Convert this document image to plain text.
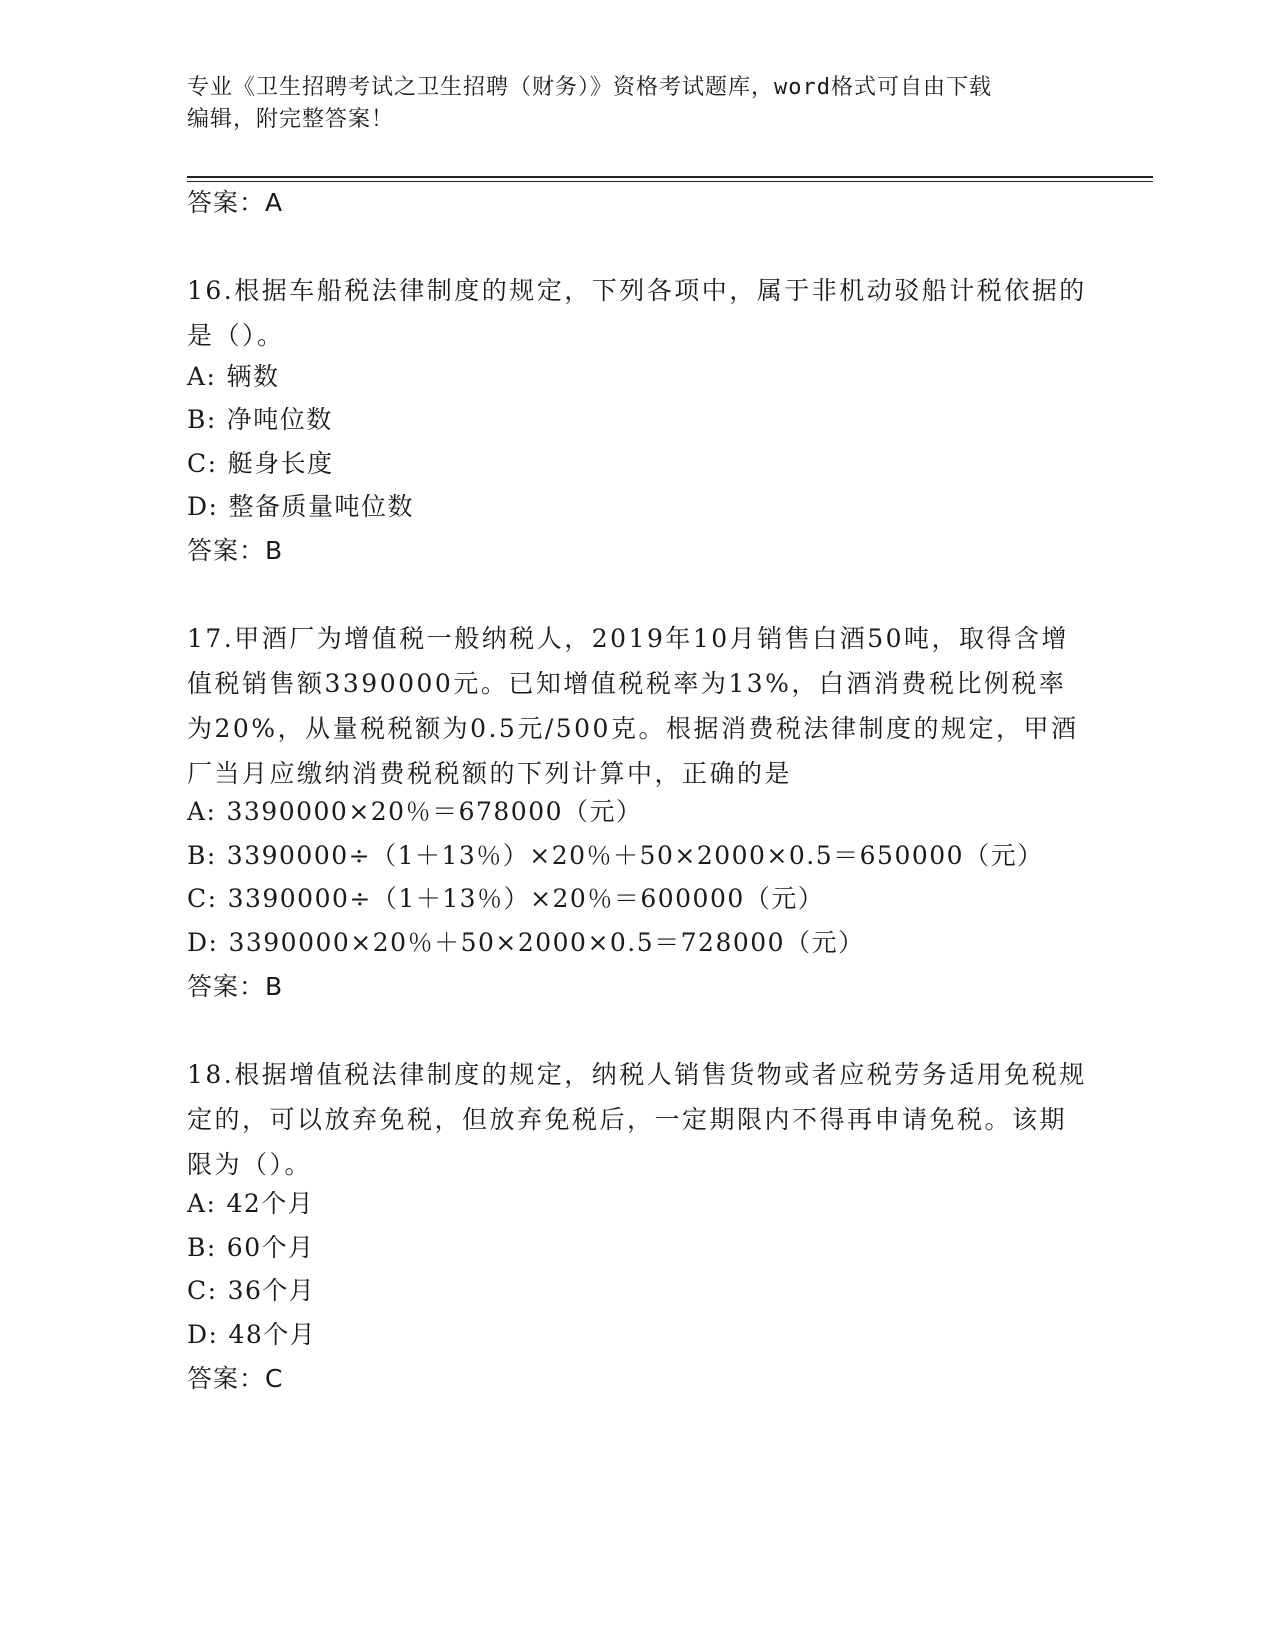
专业《卫生招聘考试之卫生招聘（财务）》资格考试题库，word格式可自由下载
编辑，附完整答案！
答案：A
16.根据车船税法律制度的规定，下列各项中，属于非机动驳船计税依据的是（）。
A: 辆数
B: 净吨位数
C: 艇身长度
D: 整备质量吨位数
答案：B
17.甲酒厂为增值税一般纳税人，2019年10月销售白酒50吨，取得含增值税销售额3390000元。已知增值税税率为13%，白酒消费税比例税率为20%，从量税税额为0.5元/500克。根据消费税法律制度的规定，甲酒厂当月应缴纳消费税税额的下列计算中，正确的是
A: 3390000×20％＝678000（元）
B: 3390000÷（1＋13％）×20％＋50×2000×0.5＝650000（元）
C: 3390000÷（1＋13％）×20％＝600000（元）
D: 3390000×20％＋50×2000×0.5＝728000（元）
答案：B
18.根据增值税法律制度的规定，纳税人销售货物或者应税劳务适用免税规定的，可以放弃免税，但放弃免税后，一定期限内不得再申请免税。该期限为（）。
A: 42个月
B: 60个月
C: 36个月
D: 48个月
答案：C
